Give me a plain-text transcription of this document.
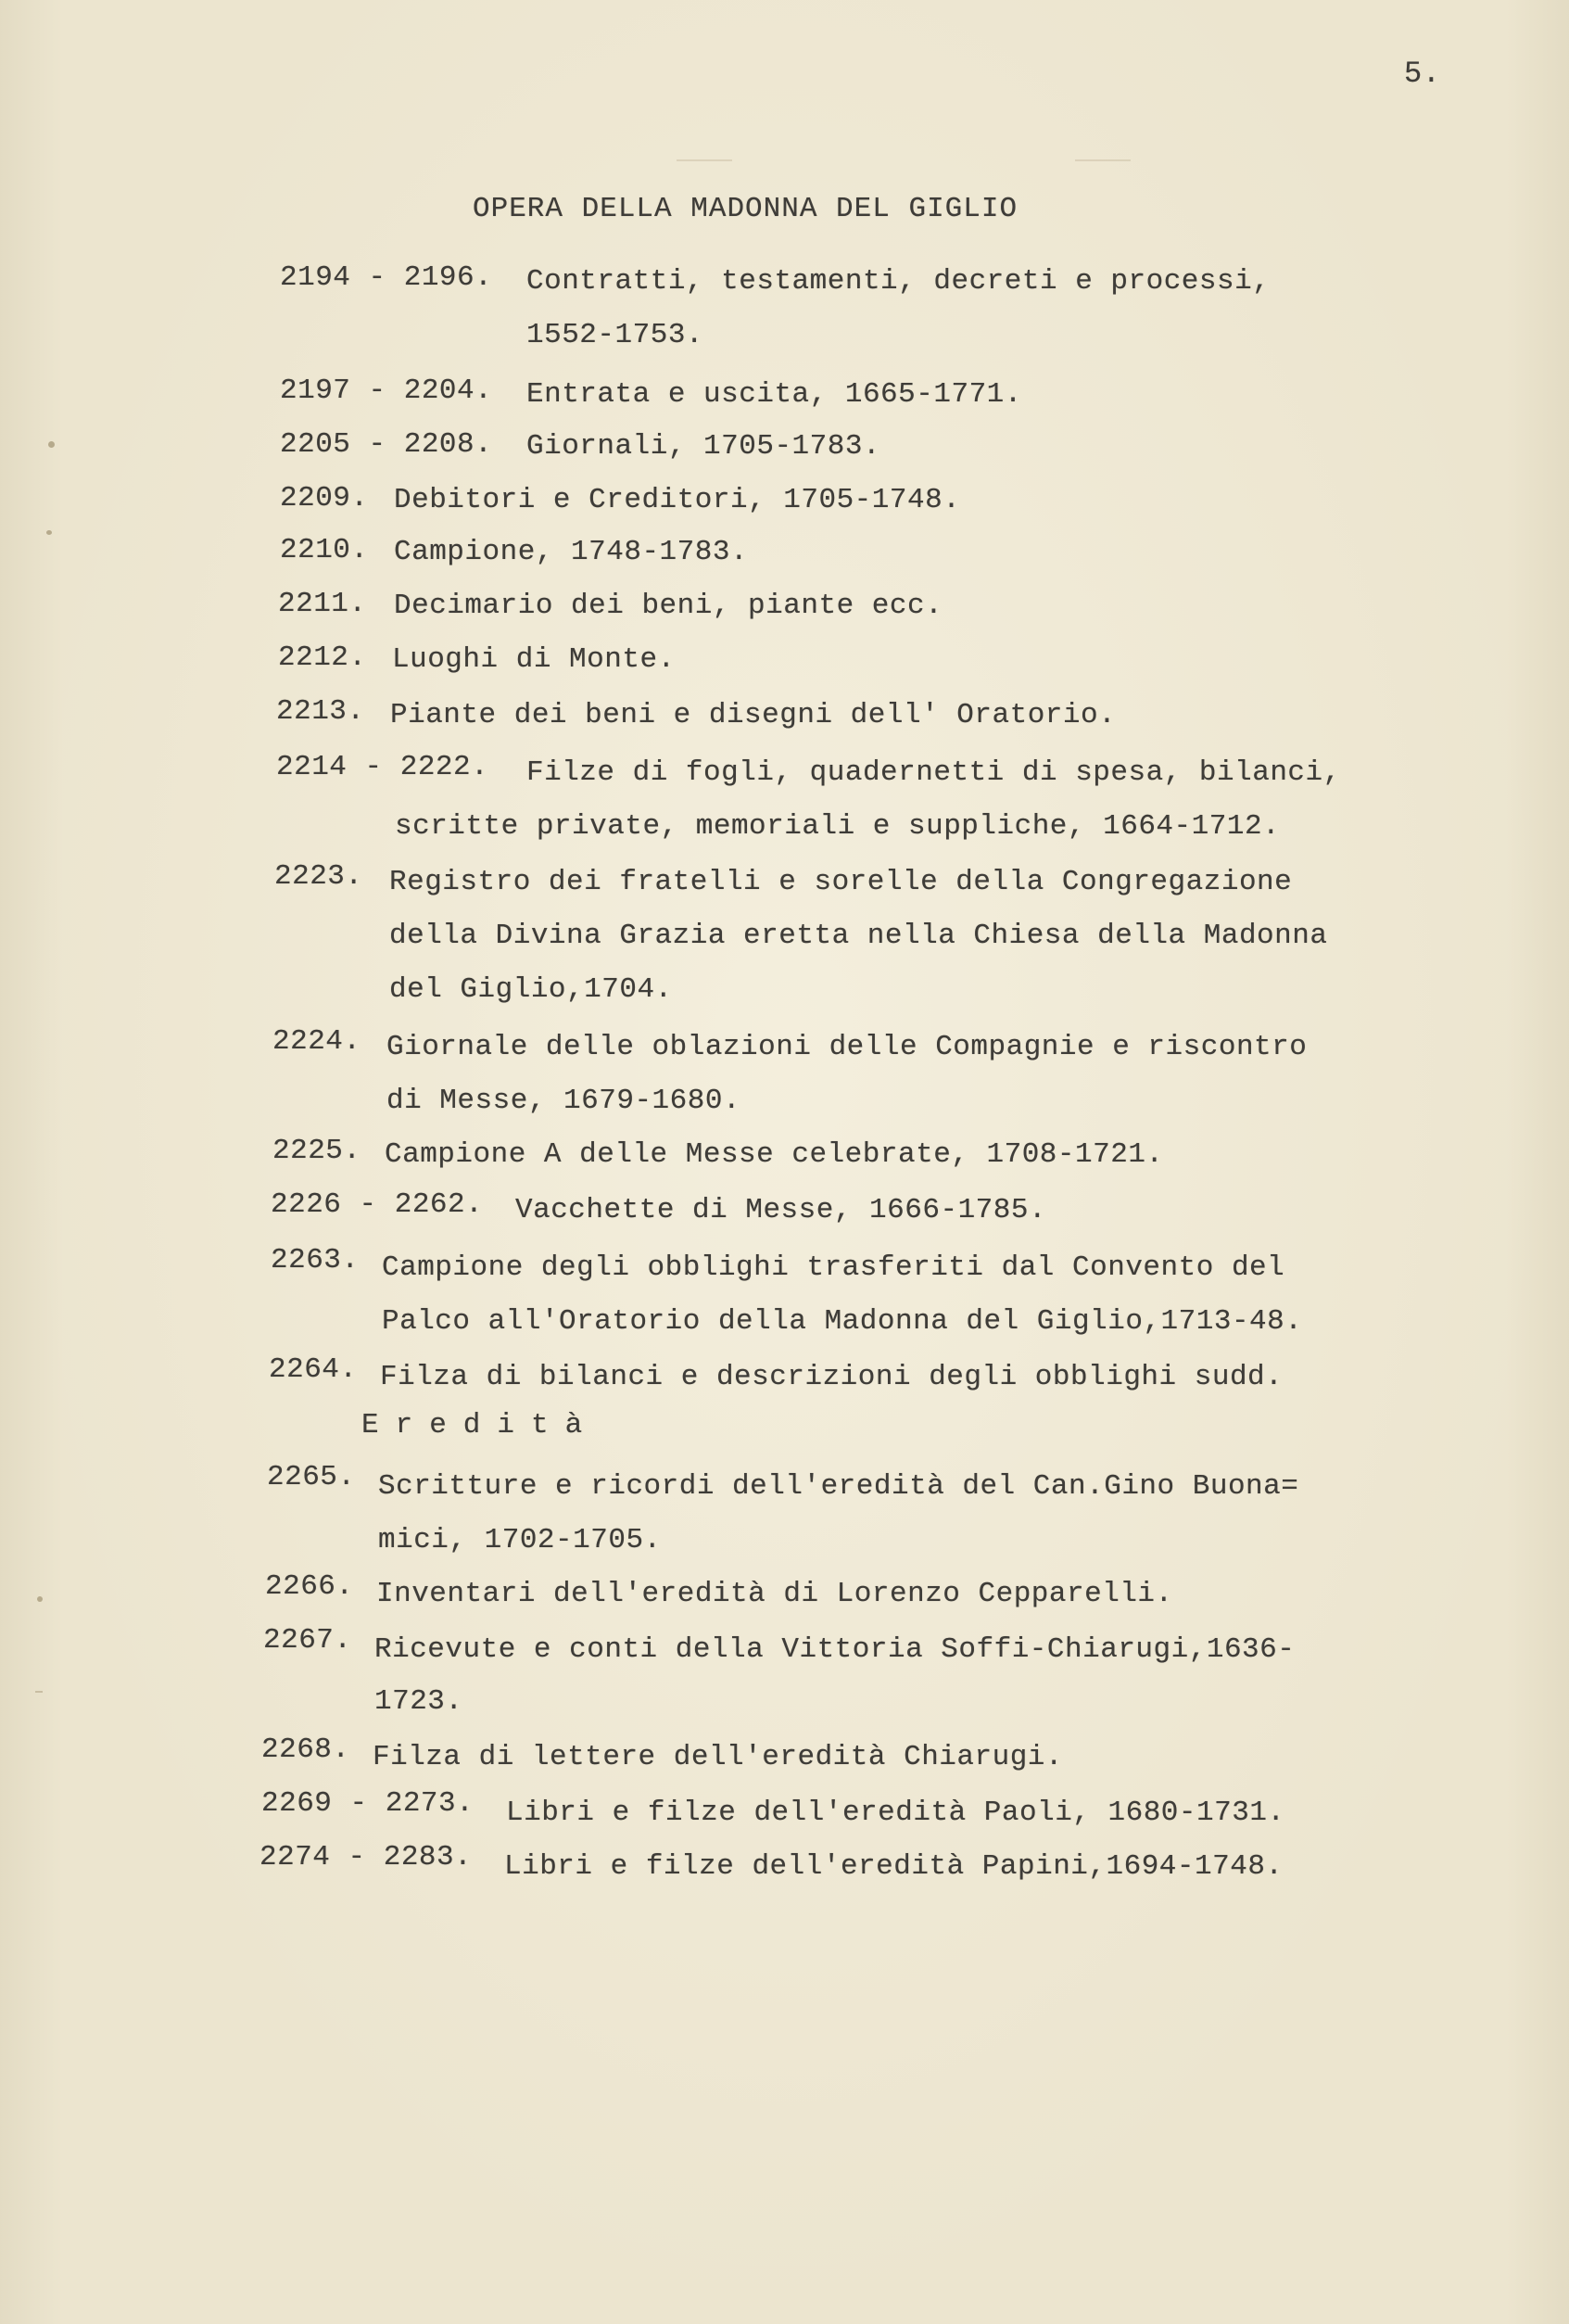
5.
OPERA DELLA MADONNA DEL GIGLIO
2194 - 2196. Contratti, testamenti, decreti e processi,
1552-1753.
2197 - 2204. Entrata e uscita, 1665-1771.
2205 - 2208. Giornali, 1705-1783.
2209. Debitori e Creditori, 1705-1748.
2210. Campione, 1748-1783.
2211. Decimario dei beni, piante ecc.
2212. Luoghi di Monte.
2213. Piante dei beni e disegni dell' Oratorio.
2214 - 2222. Filze di fogli, quadernetti di spesa, bilanci,
scritte private, memoriali e suppliche, 1664-1712.
2223. Registro dei fratelli e sorelle della Congregazione
della Divina Grazia eretta nella Chiesa della Madonna
del Giglio,1704.
2224. Giornale delle oblazioni delle Compagnie e riscontro
di Messe, 1679-1680.
2225. Campione A delle Messe celebrate, 1708-1721.
2226 - 2262. Vacchette di Messe, 1666-1785.
2263. Campione degli obblighi trasferiti dal Convento del
Palco all'Oratorio della Madonna del Giglio,1713-48.
2264. Filza di bilanci e descrizioni degli obblighi sudd.
Eredità
2265. Scritture e ricordi dell'eredità del Can.Gino Buona=
mici, 1702-1705.
2266. Inventari dell'eredità di Lorenzo Cepparelli.
2267. Ricevute e conti della Vittoria Soffi-Chiarugi,1636-
1723.
2268. Filza di lettere dell'eredità Chiarugi.
2269 - 2273. Libri e filze dell'eredità Paoli, 1680-1731.
2274 - 2283. Libri e filze dell'eredità Papini,1694-1748.
